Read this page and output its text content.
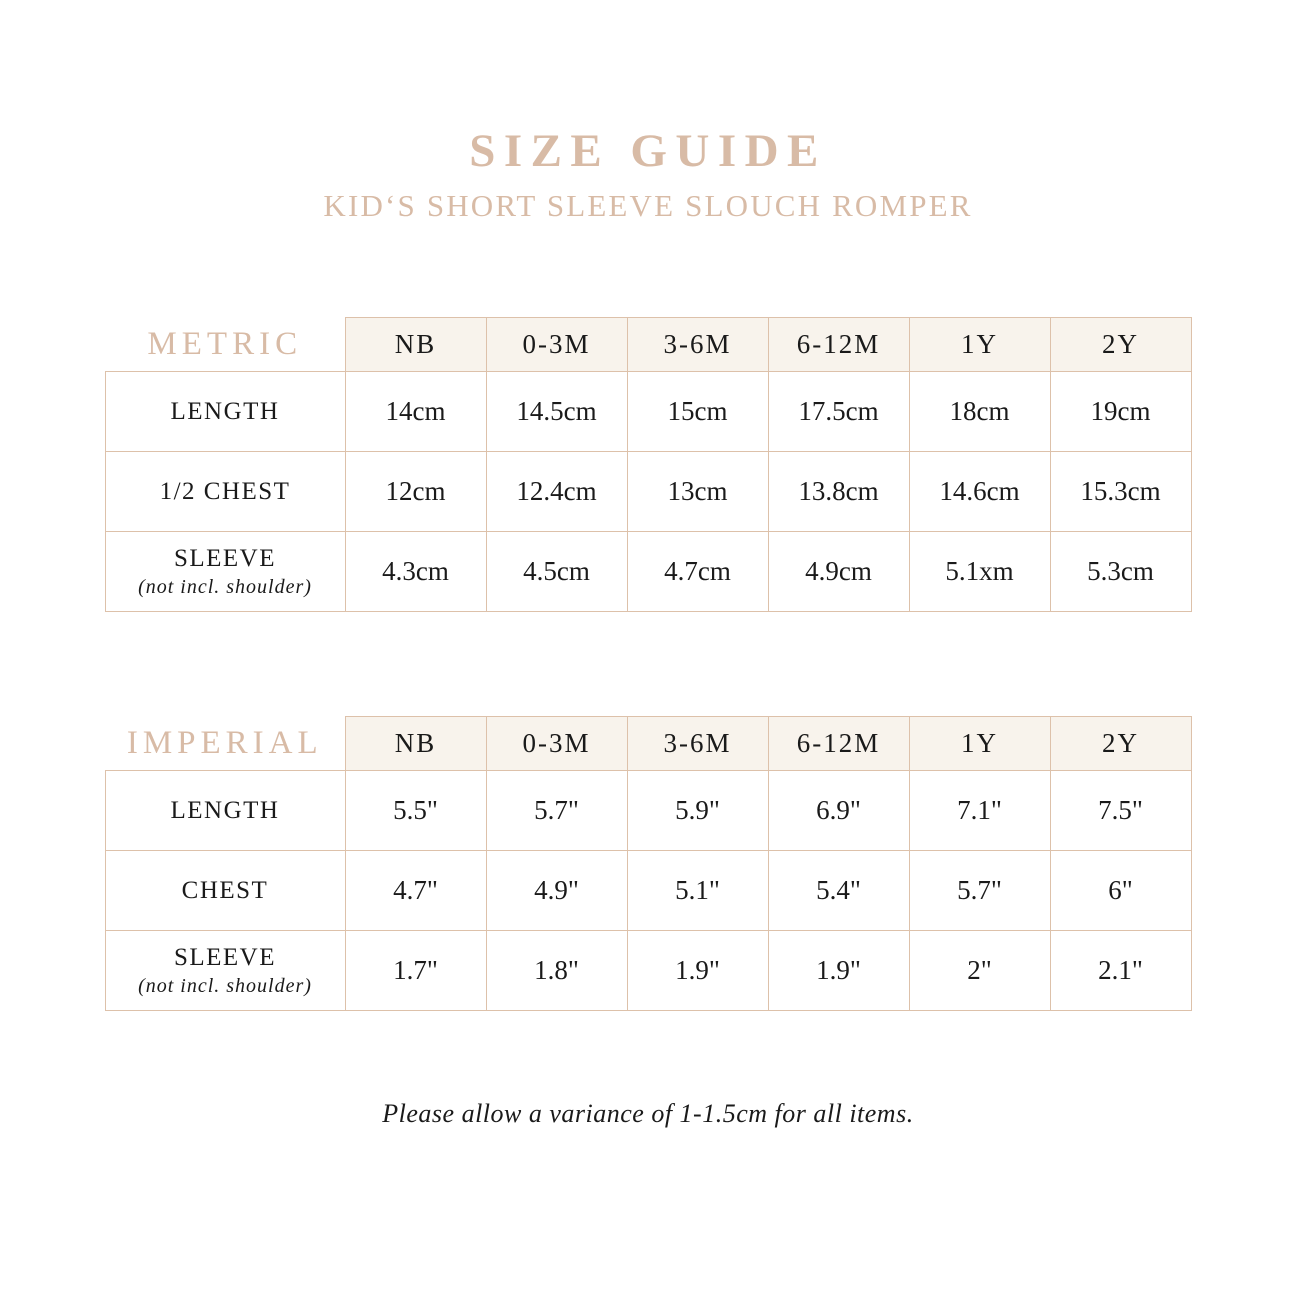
SIZE GUIDE
KID‘S SHORT SLEEVE SLOUCH ROMPER
METRIC	NB	0-3M	3-6M	6-12M	1Y	2Y

LENGTH	14cm	14.5cm	15cm	17.5cm	18cm	19cm

1/2 CHEST	12cm	12.4cm	13cm	13.8cm	14.6cm	15.3cm

SLEEVE
(not incl. shoulder)	4.3cm	4.5cm	4.7cm	4.9cm	5.1xm	5.3cm
IMPERIAL	NB	0-3M	3-6M	6-12M	1Y	2Y

LENGTH	5.5"	5.7"	5.9"	6.9"	7.1"	7.5"

CHEST	4.7"	4.9"	5.1"	5.4"	5.7"	6"

SLEEVE
(not incl. shoulder)	1.7"	1.8"	1.9"	1.9"	2"	2.1"

Please allow a variance of 1-1.5cm for all items.
